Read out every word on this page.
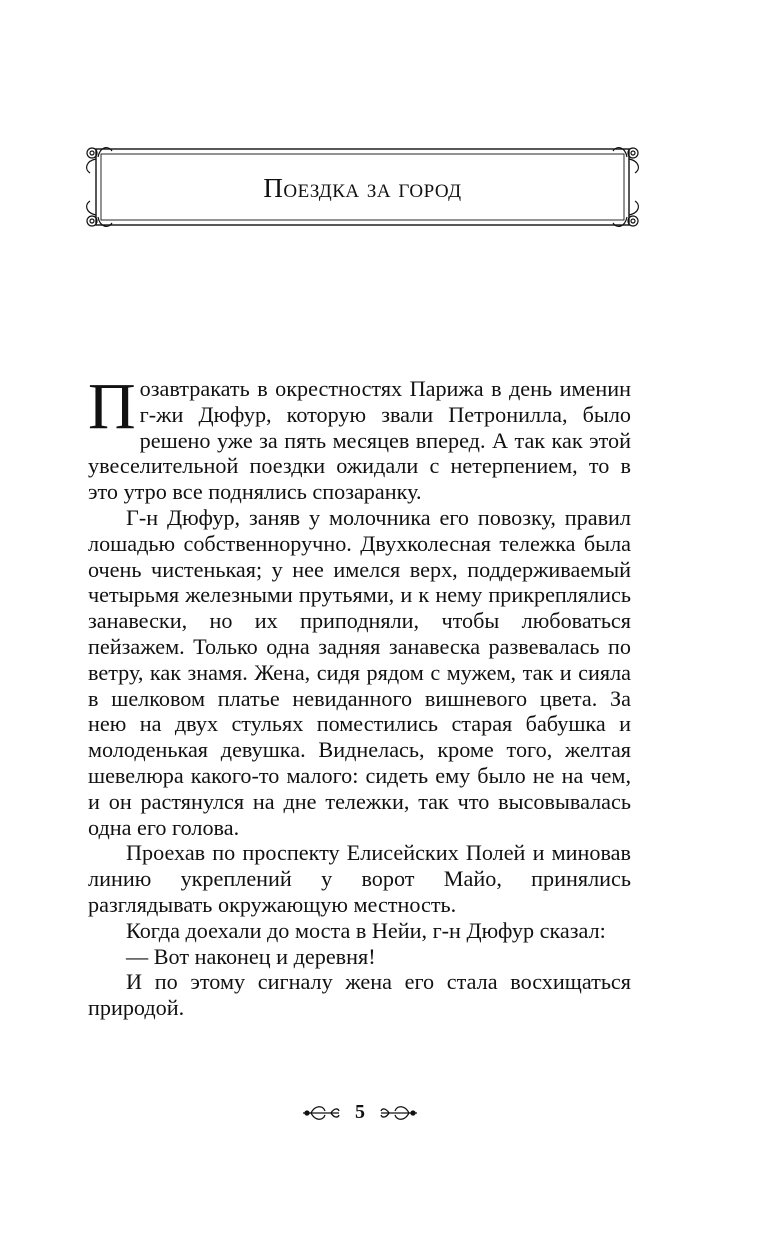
Поездка за город

Позавтракать в окрестностях Парижа в день именин г-жи Дюфур, которую звали Петронилла, было решено уже за пять месяцев вперед. А так как этой увеселительной поездки ожидали с нетерпением, то в это утро все поднялись спозаранку.

Г-н Дюфур, заняв у молочника его повозку, правил лошадью собственноручно. Двухколесная тележка была очень чистенькая; у нее имелся верх, поддерживаемый четырьмя железными прутьями, и к нему прикреплялись занавески, но их приподняли, чтобы любоваться пейзажем. Только одна задняя занавеска развевалась по ветру, как знамя. Жена, сидя рядом с мужем, так и сияла в шелковом платье невиданного вишневого цвета. За нею на двух стульях поместились старая бабушка и молоденькая девушка. Виднелась, кроме того, желтая шевелюра какого-то малого: сидеть ему было не на чем, и он растянулся на дне тележки, так что высовывалась одна его голова.

Проехав по проспекту Елисейских Полей и миновав линию укреплений у ворот Майо, принялись разглядывать окружающую местность.

Когда доехали до моста в Нейи, г-н Дюфур сказал:

— Вот наконец и деревня!

И по этому сигналу жена его стала восхищаться природой.

5
